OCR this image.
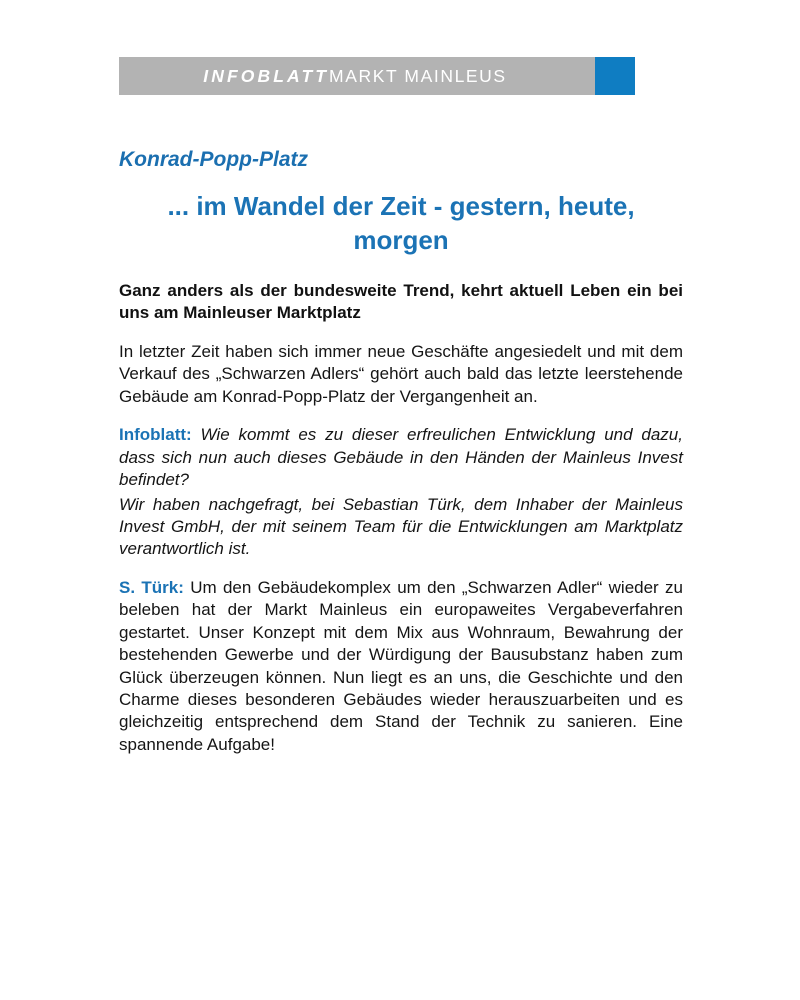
INFOBLATTMARKT MAINLEUS
Konrad-Popp-Platz
... im Wandel der Zeit - gestern, heute, morgen
Ganz anders als der bundesweite Trend, kehrt aktuell Leben ein bei uns am Mainleuser Marktplatz

In letzter Zeit haben sich immer neue Geschäfte angesiedelt und mit dem Verkauf des „Schwarzen Adlers“ gehört auch bald das letzte leerstehende Gebäude am Konrad-Popp-Platz der Vergangenheit an.

Infoblatt: Wie kommt es zu dieser erfreulichen Entwicklung und dazu, dass sich nun auch dieses Gebäude in den Händen der Mainleus Invest befindet?

Wir haben nachgefragt, bei Sebastian Türk, dem Inhaber der Mainleus Invest GmbH, der mit seinem Team für die Entwicklungen am Marktplatz verantwortlich ist.

S. Türk: Um den Gebäudekomplex um den „Schwarzen Adler“ wieder zu beleben hat der Markt Mainleus ein europaweites Vergabeverfahren gestartet. Unser Konzept mit dem Mix aus Wohnraum, Bewahrung der bestehenden Gewerbe und der Würdigung der Bausubstanz haben zum Glück überzeugen können. Nun liegt es an uns, die Geschichte und den Charme dieses besonderen Gebäudes wieder herauszuarbeiten und es gleichzeitig entsprechend dem Stand der Technik zu sanieren. Eine spannende Aufgabe!
